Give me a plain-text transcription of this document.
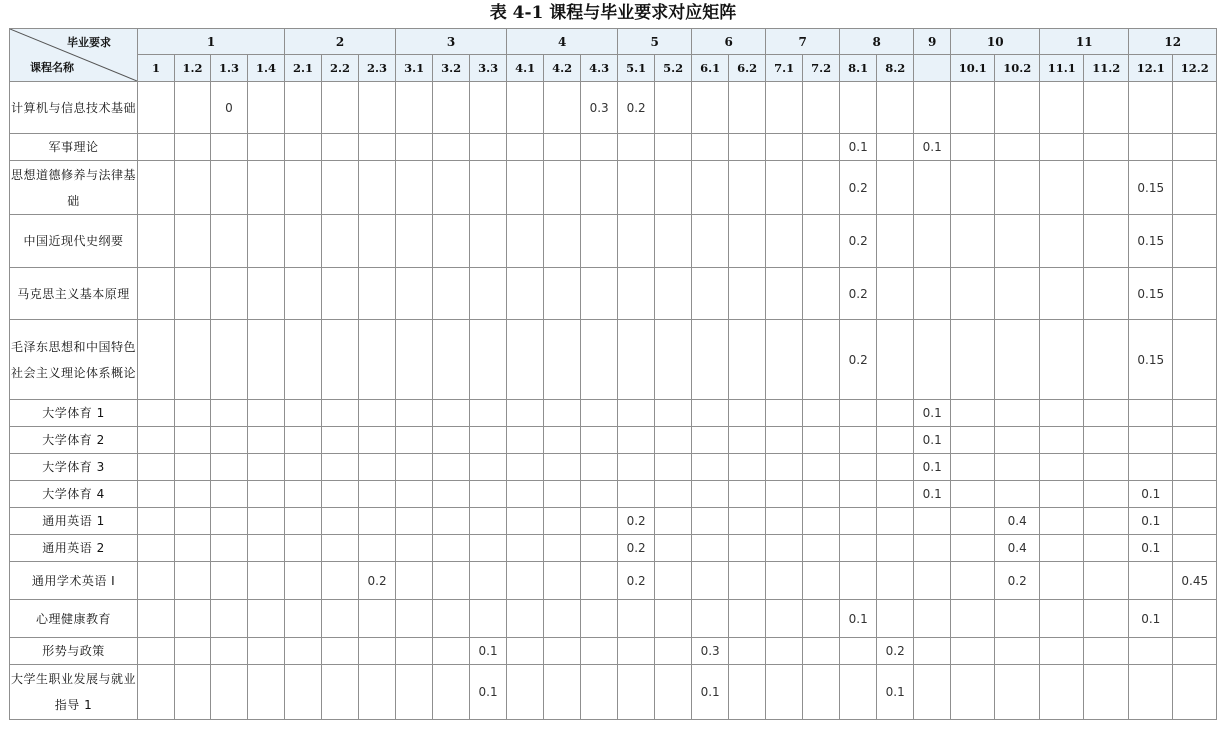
表 4-1 课程与毕业要求对应矩阵
毕业要求
课程名称	1				2			3			4			5		6		7		8		9	10		11		12	
	1	1.2	1.3	1.4	2.1	2.2	2.3	3.1	3.2	3.3	4.1	4.2	4.3	5.1	5.2	6.1	6.2	7.1	7.2	8.1	8.2		10.1	10.2	11.1	11.2	12.1	12.2
计算机与信息技术基础			0										0.3	0.2														
军事理论																				0.1		0.1						
思想道德修养与法律基础																				0.2							0.15	
中国近现代史纲要																				0.2							0.15	
马克思主义基本原理																				0.2							0.15	
毛泽东思想和中国特色社会主义理论体系概论																				0.2							0.15	
大学体育 1																						0.1						
大学体育 2																						0.1						
大学体育 3																						0.1						
大学体育 4																						0.1					0.1	
通用英语 1														0.2										0.4			0.1	
通用英语 2														0.2										0.4			0.1	
通用学术英语 I							0.2							0.2										0.2				0.45
心理健康教育																				0.1							0.1	
形势与政策										0.1						0.3					0.2							
大学生职业发展与就业指导 1										0.1						0.1					0.1							
